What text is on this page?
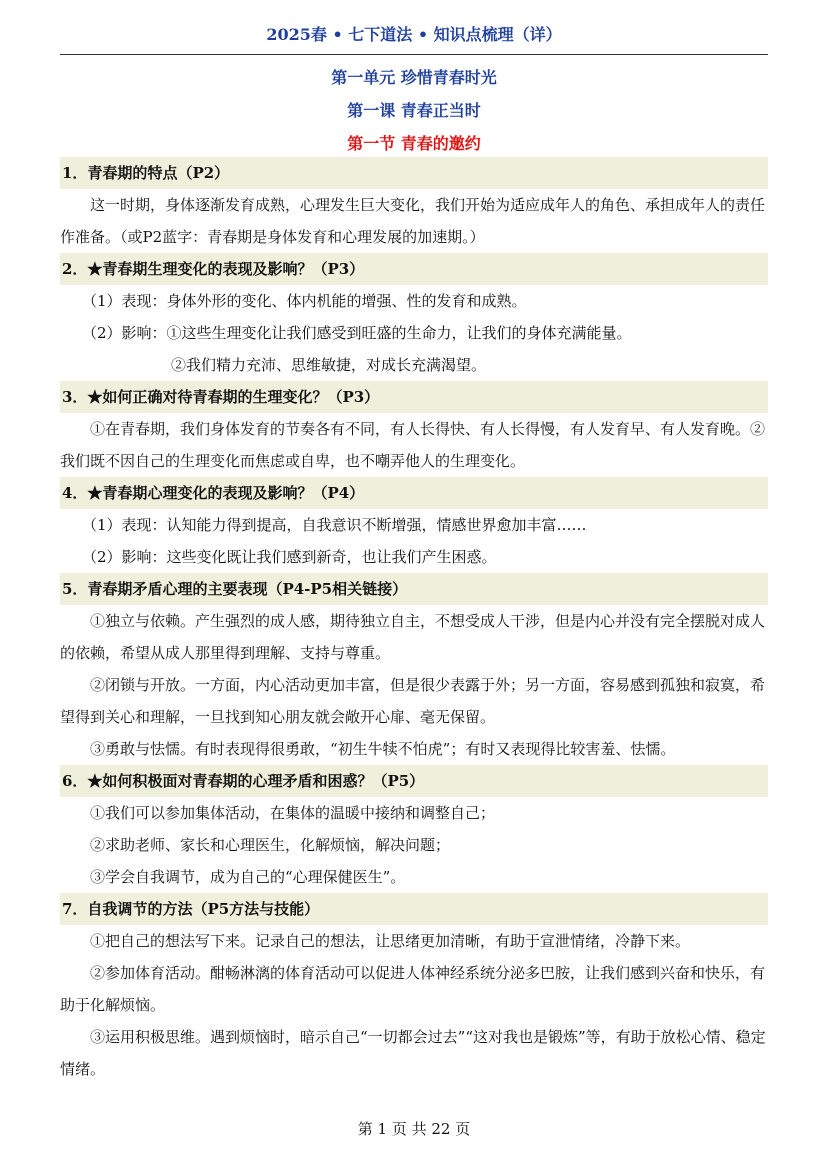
2025春 • 七下道法 • 知识点梳理（详）
第一单元 珍惜青春时光
第一课 青春正当时
第一节 青春的邀约
1．青春期的特点（P2）

这一时期，身体逐渐发育成熟，心理发生巨大变化，我们开始为适应成年人的角色、承担成年人的责任作准备。（或P2蓝字：青春期是身体发育和心理发展的加速期。）

2．★青春期生理变化的表现及影响？（P3）

（1）表现：身体外形的变化、体内机能的增强、性的发育和成熟。

（2）影响：①这些生理变化让我们感受到旺盛的生命力，让我们的身体充满能量。

②我们精力充沛、思维敏捷，对成长充满渴望。

3．★如何正确对待青春期的生理变化？（P3）

①在青春期，我们身体发育的节奏各有不同，有人长得快、有人长得慢，有人发育早、有人发育晚。②我们既不因自己的生理变化而焦虑或自卑，也不嘲弄他人的生理变化。

4．★青春期心理变化的表现及影响？（P4）

（1）表现：认知能力得到提高，自我意识不断增强，情感世界愈加丰富……

（2）影响：这些变化既让我们感到新奇，也让我们产生困惑。

5．青春期矛盾心理的主要表现（P4-P5相关链接）

①独立与依赖。产生强烈的成人感，期待独立自主，不想受成人干涉，但是内心并没有完全摆脱对成人的依赖，希望从成人那里得到理解、支持与尊重。

②闭锁与开放。一方面，内心活动更加丰富，但是很少表露于外；另一方面，容易感到孤独和寂寞，希望得到关心和理解，一旦找到知心朋友就会敞开心扉、毫无保留。

③勇敢与怯懦。有时表现得很勇敢，“初生牛犊不怕虎”；有时又表现得比较害羞、怯懦。

6．★如何积极面对青春期的心理矛盾和困惑？（P5）

①我们可以参加集体活动，在集体的温暖中接纳和调整自己；

②求助老师、家长和心理医生，化解烦恼，解决问题；

③学会自我调节，成为自己的“心理保健医生”。

7．自我调节的方法（P5方法与技能）

①把自己的想法写下来。记录自己的想法，让思绪更加清晰，有助于宣泄情绪，冷静下来。

②参加体育活动。酣畅淋漓的体育活动可以促进人体神经系统分泌多巴胺，让我们感到兴奋和快乐，有助于化解烦恼。

③运用积极思维。遇到烦恼时，暗示自己“一切都会过去”“这对我也是锻炼”等，有助于放松心情、稳定情绪。

第 1 页 共 22 页
